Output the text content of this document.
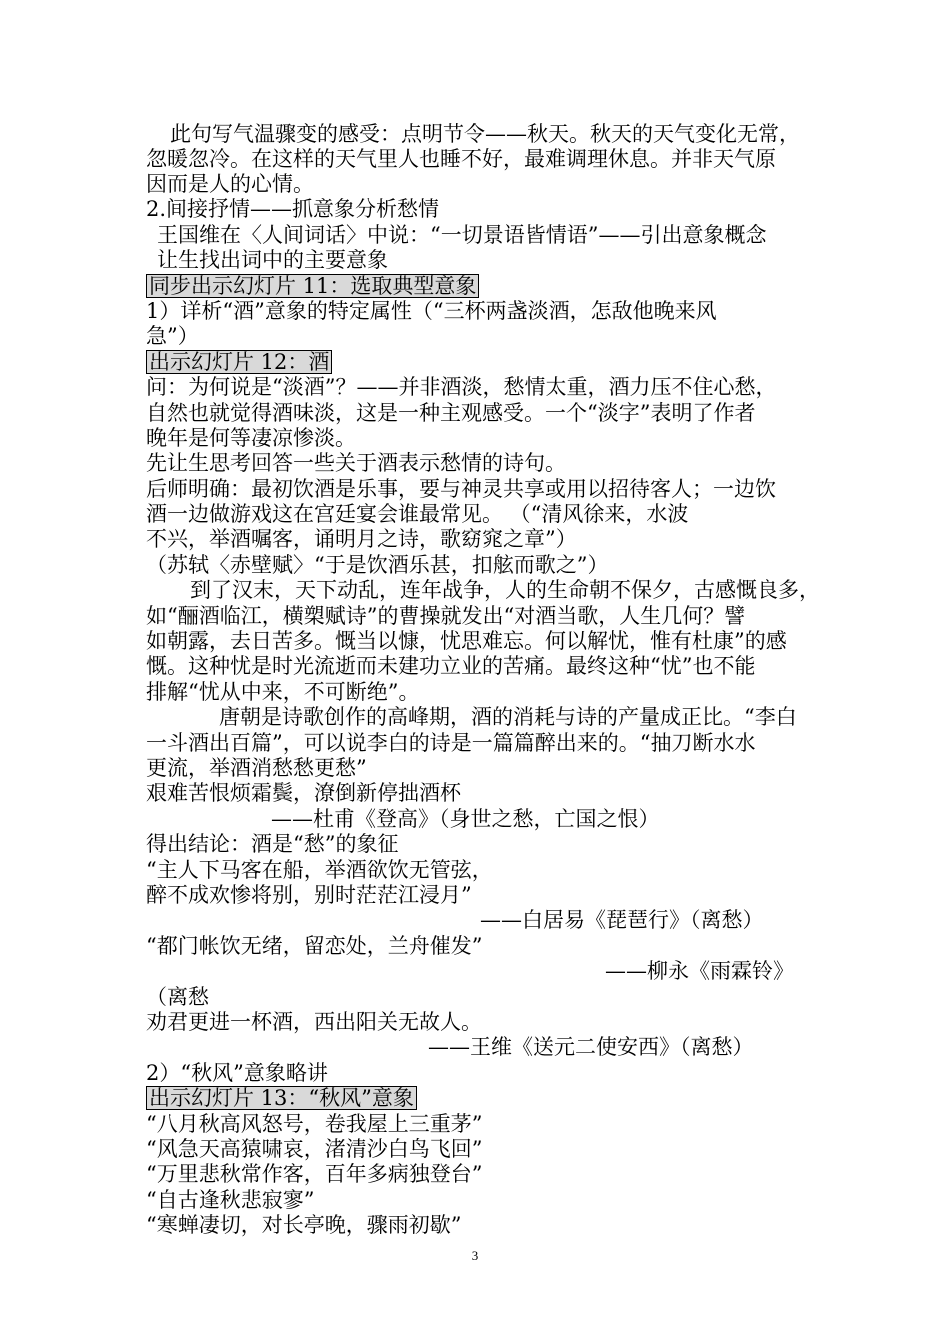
此句写气温骤变的感受：点明节令——秋天。秋天的天气变化无常，
忽暖忽冷。在这样的天气里人也睡不好，最难调理休息。并非天气原
因而是人的心情。
2.间接抒情——抓意象分析愁情
王国维在〈人间词话〉中说：“一切景语皆情语”——引出意象概念
让生找出词中的主要意象
同步出示幻灯片 11：选取典型意象
1）详析“酒”意象的特定属性（“三杯两盏淡酒，怎敌他晚来风
急”）
出示幻灯片 12：酒
问：为何说是“淡酒”？——并非酒淡，愁情太重，酒力压不住心愁，
自然也就觉得酒味淡，这是一种主观感受。一个“淡字”表明了作者
晚年是何等凄凉惨淡。
先让生思考回答一些关于酒表示愁情的诗句。
后师明确：最初饮酒是乐事，要与神灵共享或用以招待客人；一边饮
酒一边做游戏这在宫廷宴会谁最常见。 （“清风徐来，水波
不兴，举酒嘱客，诵明月之诗，歌窈窕之章”）
（苏轼〈赤壁赋〉“于是饮酒乐甚，扣舷而歌之”）
到了汉末，天下动乱，连年战争，人的生命朝不保夕，古感慨良多，
如“酾酒临江，横槊赋诗”的曹操就发出“对酒当歌，人生几何？譬
如朝露，去日苦多。慨当以慷，忧思难忘。何以解忧，惟有杜康”的感
慨。这种忧是时光流逝而未建功立业的苦痛。最终这种“忧”也不能
排解“忧从中来，不可断绝”。
唐朝是诗歌创作的高峰期，酒的消耗与诗的产量成正比。“李白
一斗酒出百篇”，可以说李白的诗是一篇篇醉出来的。“抽刀断水水
更流，举酒消愁愁更愁”
艰难苦恨烦霜鬓，潦倒新停拙酒杯
——杜甫《登高》（身世之愁，亡国之恨）
得出结论：酒是“愁”的象征
“主人下马客在船，举酒欲饮无管弦，
醉不成欢惨将别，别时茫茫江浸月”
——白居易《琵琶行》（离愁）
“都门帐饮无绪，留恋处，兰舟催发”
——柳永《雨霖铃》
（离愁
劝君更进一杯酒，西出阳关无故人。
——王维《送元二使安西》（离愁）
2）“秋风”意象略讲
出示幻灯片 13：“秋风”意象
“八月秋高风怒号，卷我屋上三重茅”
“风急天高猿啸哀，渚清沙白鸟飞回”
“万里悲秋常作客，百年多病独登台”
“自古逢秋悲寂寥”
“寒蝉凄切，对长亭晚，骤雨初歇”
3
